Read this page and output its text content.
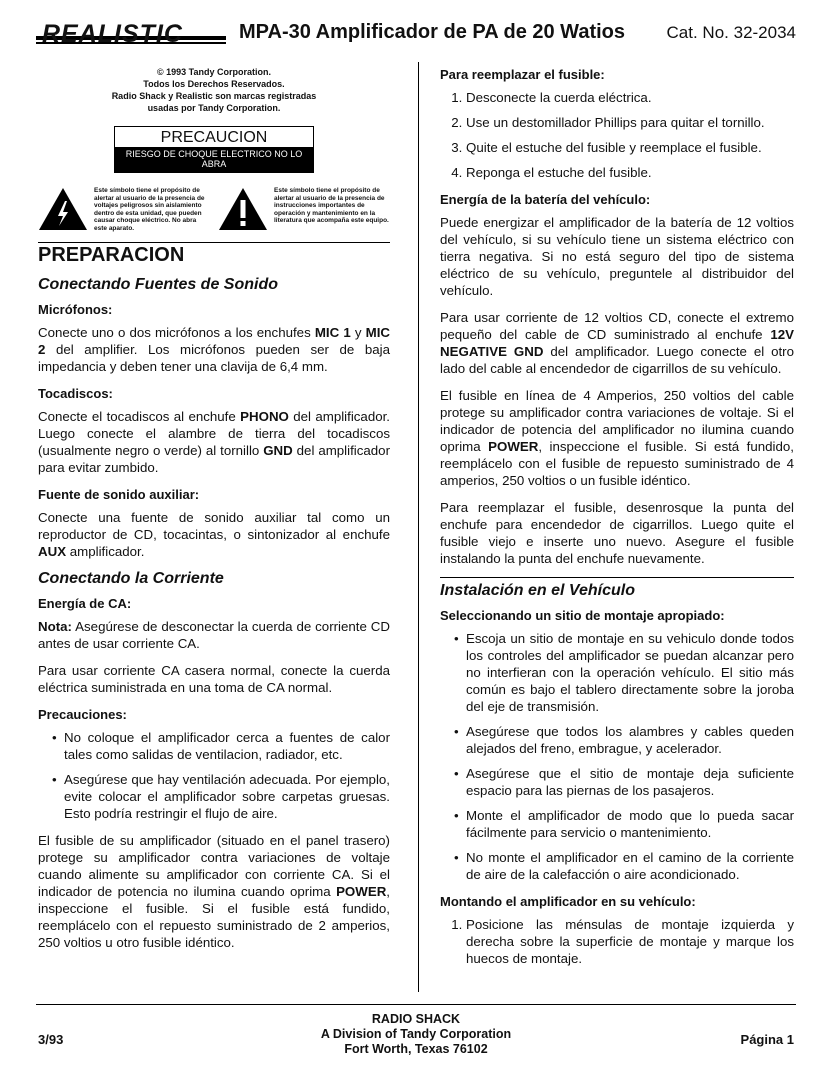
REALISTIC	MPA-30 Amplificador de PA de 20 Watios Cat. No. 32-2034
© 1993 Tandy Corporation.
Todos los Derechos Reservados.
Radio Shack y Realistic son marcas registradas
usadas por Tandy Corporation.
PRECAUCION
RIESGO DE CHOQUE ELECTRICO NO LO ABRA
Este símbolo tiene el propósito de alertar al usuario de la presencia de voltajes peligrosos sin aislamiento dentro de esta unidad, que pueden causar choque eléctrico. No abra este aparato.
Este símbolo tiene el propósito de alertar al usuario de la presencia de instrucciones importantes de operación y mantenimiento en la literatura que acompaña este equipo.
PREPARACION
Conectando Fuentes de Sonido
Micrófonos:

Conecte uno o dos micrófonos a los enchufes MIC 1 y MIC 2 del amplifier. Los micrófonos pueden ser de baja impedancia y deben tener una clavija de 6,4 mm.

Tocadiscos:

Conecte el tocadiscos al enchufe PHONO del amplificador. Luego conecte el alambre de tierra del tocadiscos (usualmente negro o verde) al tornillo GND del amplificador para evitar zumbido.

Fuente de sonido auxiliar:

Conecte una fuente de sonido auxiliar tal como un reproductor de CD, tocacintas, o sintonizador al enchufe AUX amplificador.

Conectando la Corriente
Energía de CA:

Nota: Asegúrese de desconectar la cuerda de corriente CD antes de usar corriente CA.

Para usar corriente CA casera normal, conecte la cuerda eléctrica suministrada en una toma de CA normal.

Precauciones:
• No coloque el amplificador cerca a fuentes de calor tales como salidas de ventilacion, radiador, etc.
• Asegúrese que hay ventilación adecuada. Por ejemplo, evite colocar el amplificador sobre carpetas gruesas. Esto podría restringir el flujo de aire.

El fusible de su amplificador (situado en el panel trasero) protege su amplificador contra variaciones de voltaje cuando alimente su amplificador con corriente CA. Si el indicador de potencia no ilumina cuando oprima POWER, inspeccione el fusible. Si el fusible está fundido, reemplácelo con el repuesto suministrado de 2 amperios, 250 voltios u otro fusible idéntico.

Para reemplazar el fusible:
1. Desconecte la cuerda eléctrica.
2. Use un destomillador Phillips para quitar el tornillo.
3. Quite el estuche del fusible y reemplace el fusible.
4. Reponga el estuche del fusible.
Energía de la batería del vehículo:

Puede energizar el amplificador de la batería de 12 voltios del vehículo, si su vehículo tiene un sistema eléctrico con tierra negativa. Si no está seguro del tipo de sistema eléctrico de su vehículo, preguntele al distribuidor del vehículo.

Para usar corriente de 12 voltios CD, conecte el extremo pequeño del cable de CD suministrado al enchufe 12V NEGATIVE GND del amplificador. Luego conecte el otro lado del cable al encendedor de cigarrillos de su vehículo.

El fusible en línea de 4 Amperios, 250 voltios del cable protege su amplificador contra variaciones de voltaje. Si el indicador de potencia del amplificador no ilumina cuando oprima POWER, inspeccione el fusible. Si está fundido, reemplácelo con el fusible de repuesto suministrado de 4 amperios, 250 voltios o un fusible idéntico.

Para reemplazar el fusible, desenrosque la punta del enchufe para encendedor de cigarrillos. Luego quite el fusible viejo e inserte uno nuevo. Asegure el fusible instalando la punta del enchufe nuevamente.

Instalación en el Vehículo
Seleccionando un sitio de montaje apropiado:
• Escoja un sitio de montaje en su vehiculo donde todos los controles del amplificador se puedan alcanzar pero no interfieran con la operación vehículo. El sitio más común es bajo el tablero directamente sobre la joroba del eje de transmisión.
• Asegúrese que todos los alambres y cables queden alejados del freno, embrague, y acelerador.
• Asegúrese que el sitio de montaje deja suficiente espacio para las piernas de los pasajeros.
• Monte el amplificador de modo que lo pueda sacar fácilmente para servicio o mantenimiento.
• No monte el amplificador en el camino de la corriente de aire de la calefacción o aire acondicionado.
Montando el amplificador en su vehículo:
1. Posicione las ménsulas de montaje izquierda y derecha sobre la superficie de montaje y marque los huecos de montaje.
3/93
RADIO SHACK
A Division of Tandy Corporation
Fort Worth, Texas 76102
Página 1
